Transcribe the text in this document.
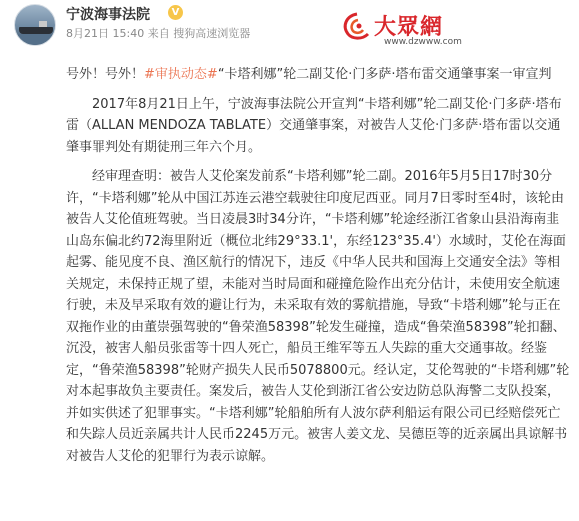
宁波海事法院	V
8月21日 15:40 来自 搜狗高速浏览器	大眾網
www.dzwww.com

号外！号外！#审执动态#“卡塔利娜”轮二副艾伦·门多萨·塔布雷交通肇事案一审宣判

2017年8月21日上午，宁波海事法院公开宣判“卡塔利娜”轮二副艾伦·门多萨·塔布雷（ALLAN MENDOZA TABLATE）交通肇事案，对被告人艾伦·门多萨·塔布雷以交通肇事罪判处有期徒刑三年六个月。

经审理查明：被告人艾伦案发前系“卡塔利娜”轮二副。2016年5月5日17时30分许，“卡塔利娜”轮从中国江苏连云港空载驶往印度尼西亚。同月7日零时至4时，该轮由被告人艾伦值班驾驶。当日凌晨3时34分许，“卡塔利娜”轮途经浙江省象山县沿海南韭山岛东偏北约72海里附近（概位北纬29°33.1'，东经123°35.4'）水域时，艾伦在海面起雾、能见度不良、渔区航行的情况下，违反《中华人民共和国海上交通安全法》等相关规定，未保持正规了望，未能对当时局面和碰撞危险作出充分估计，未使用安全航速行驶，未及早采取有效的避让行为，未采取有效的雾航措施，导致“卡塔利娜”轮与正在双拖作业的由董崇强驾驶的“鲁荣渔58398”轮发生碰撞，造成“鲁荣渔58398”轮扣翻、沉没，被害人船员张雷等十四人死亡，船员王维军等五人失踪的重大交通事故。经鉴定，“鲁荣渔58398”轮财产损失人民币5078800元。经认定，艾伦驾驶的“卡塔利娜”轮对本起事故负主要责任。案发后，被告人艾伦到浙江省公安边防总队海警二支队投案，并如实供述了犯罪事实。“卡塔利娜”轮船舶所有人波尔萨利船运有限公司已经赔偿死亡和失踪人员近亲属共计人民币2245万元。被害人姜文龙、吴德臣等的近亲属出具谅解书对被告人艾伦的犯罪行为表示谅解。
